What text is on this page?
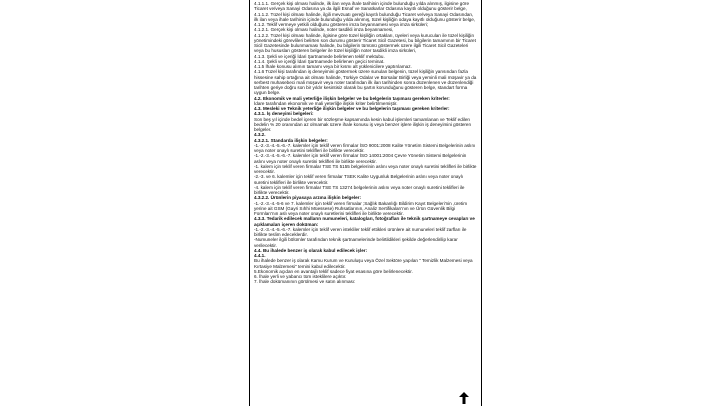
4.1.1.1. Gerçek kişi olması halinde, ilk ilan veya ihale tarihinin içinde bulunduğu yılda alınmış, ilgisine göre Ticaret ve/veya Sanayi Odasına ya da ilgili Esnaf ve Sanatkarlar Odasına kayıtlı olduğunu gösterir belge,

4.1.1.2. Tüzel kişi olması halinde, ilgili mevzuatı gereği kayıtlı bulunduğu Ticaret ve/veya Sanayi Odasından, ilk ilan veya ihale tarihinin içinde bulunduğu yılda alınmış, tüzel kişiliğin odaya kayıtlı olduğunu gösterir belge,

4.1.2. Teklif vermeye yetkili olduğunu gösteren imza beyannamesi veya imza sirküleri;

4.1.2.1. Gerçek kişi olması halinde, noter tasdikli imza beyannamesi,

4.1.2.2. Tüzel kişi olması halinde, ilgisine göre tüzel kişiliğin ortakları, üyeleri veya kurucuları ile tüzel kişiliğin yönetimindeki görevlileri belirten son durumu gösterir Ticaret Sicil Gazetesi, bu bilgilerin tamamının bir Ticaret Sicil Gazetesinde bulunmaması halinde, bu bilgilerin tümünü göstermek üzere ilgili Ticaret Sicil Gazeteleri veya bu hususları gösteren belgeler ile tüzel kişiliğin noter tasdikli imza sirküleri,

4.1.3. Şekli ve içeriği İdari Şartnamede belirlenen teklif mektubu.

4.1.4. Şekli ve içeriği İdari Şartnamede belirlenen geçici teminat.

4.1.5 İhale konusu alımın tamamı veya bir kısmı alt yüklenicilere yaptırılamaz.

4.1.6 Tüzel kişi tarafından iş deneyimini göstermek üzere sunulan belgenin, tüzel kişiliğin yarısından fazla hissesine sahip ortağına ait olması halinde, Türkiye Odalar ve Borsalar Birliği veya yeminli mali müşavir ya da serbest muhasebeci mali müşavir veya noter tarafından ilk ilan tarihinden sonra düzenlenen ve düzenlendiği tarihten geriye doğru son bir yıldır kesintisiz olarak bu şartın korunduğunu gösteren belge, standart forma uygun belge.

4.2. Ekonomik ve mali yeterliğe ilişkin belgeler ve bu belgelerin taşıması gereken kriterler:

İdare tarafından ekonomik ve mali yeterliğe ilişkin kriter belirtilmemiştir.

4.3. Mesleki ve Teknik yeterliğe ilişkin belgeler ve bu belgelerin taşıması gereken kriterler:

4.3.1. İş deneyimi belgeleri:

Son beş yıl içinde bedel içeren bir sözleşme kapsamında kesin kabul işlemleri tamamlanan ve Teklif edilen bedelin % 20 oranından az olmamak üzere ihale konusu iş veya benzer işlere ilişkin iş deneyimini gösteren belgeler.

4.3.2.

4.3.2.1. Standarda ilişkin belgeler:

-1.-2.-3.-4.-5.-6.-7. kalemler için teklif veren firmalar İSO 9001:2008 Kalite Yönetim Sistemi Belgelerinin aslını veya noter onaylı suretini teklifleri ile birlikte verecektir.

-1.-2.-3.-4.-5.-6.-7. kalemler için teklif veren firmalar İSO 14001:2004 Çevre Yönetim Sistemi Belgelerinin aslını veya noter onaylı suretini teklifleri ile birlikte verecektir.

-1. kalem için teklif veren firmalar TSE TS 5155 belgelerinin aslını veya noter onaylı suretini teklifleri ile birlikte verecektir.

-2.-3. ve 6. kalemler için teklif veren firmalar TSEK Kalite Uygunluk Belgelerinin aslını veya noter onaylı suretini teklifleri ile birlikte verecektir.

-4. kalem için teklif veren firmalar TSE TS 13274 belgelerinin aslını veya noter onaylı suretini teklifleri ile birlikte verecektir.

4.3.2.2. Ürünlerin piyasaya arzına ilişkin belgeler:

-1.-2.-3.-4.-5-6 ve 7. kalemler için teklif veren firmalar ;Sağlık Bakanlığı Bildirim Kayıt Belgeleri'nin ,üretim yerine ait GSM (Gayri Sıhhi Müessese) Ruhsatlarının, Analiz Sertifikaları'nın ve Ürün Güvenlik Bilgi Formları'nın aslı veya noter onaylı suretlerini teklifleri ile birlikte verecektir.

4.3.3. Tedarik edilecek malların numuneleri, katalogları, fotoğrafları ile teknik şartnameye cevapları ve açıklamaları içeren doküman:

-1.-2.-3.-4.-5.-6.-7. kalemler için teklif veren istekliler teklif ettikleri ürünlere ait numuneleri teklif zarfları ile birlikte teslim edeceklerdir.

-Numuneler ilgili bölümler tarafından teknik şartnamelerinde belirtildikleri şekilde değerlendirilip karar verilecektir.

4.4. Bu ihalede benzer iş olarak kabul edilecek işler:

4.4.1.

Bu ihalede benzer iş olarak Kamu Kurum ve Kuruluşu veya Özel Sektöre yapılan " Temizlik Malzemesi veya Kırtasiye Malzemesi" temini kabul edilecektir.

5.Ekonomik açıdan en avantajlı teklif sadece fiyat esasına göre belirlenecektir.

6. İhale yerli ve yabancı tüm isteklilere açıktır.

7. İhale dokümanının görülmesi ve satın alınması:
